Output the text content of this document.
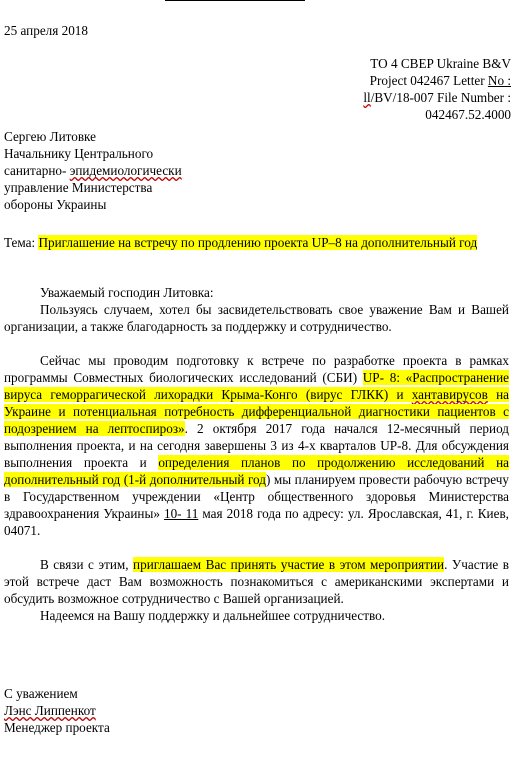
25 апреля 2018
ТО 4 CBEP Ukraine B&V
Project 042467 Letter No :
ll/BV/18-007 File Number :
042467.52.4000
Сергею Литовке
Начальнику Центрального
санитарно- эпидемиологически
управление Министерства
обороны Украины
Тема: Приглашение на встречу по продлению проекта UP–8 на дополнительный год

Уважаемый господин Литовка:

Пользуясь случаем, хотел бы засвидетельствовать свое уважение Вам и Вашей организации, а также благодарность за поддержку и сотрудничество.

Сейчас мы проводим подготовку к встрече по разработке проекта в рамках программы Совместных биологических исследований (СБИ) UP- 8: «Распространение вируса геморрагической лихорадки Крыма-Конго (вирус ГЛКК) и хантавирусов на Украине и потенциальная потребность дифференциальной диагностики пациентов с подозрением на лептоспироз». 2 октября 2017 года начался 12-месячный период выполнения проекта, и на сегодня завершены 3 из 4-х кварталов UP-8. Для обсуждения выполнения проекта и определения планов по продолжению исследований на дополнительный год (1-й дополнительный год) мы планируем провести рабочую встречу в Государственном учреждении «Центр общественного здоровья Министерства здравоохранения Украины» 10- 11 мая 2018 года по адресу: ул. Ярославская, 41, г. Киев, 04071.

В связи с этим, приглашаем Вас принять участие в этом мероприятии. Участие в этой встрече даст Вам возможность познакомиться с американскими экспертами и обсудить возможное сотрудничество с Вашей организацией.

Надеемся на Вашу поддержку и дальнейшее сотрудничество.

С уважением
Лэнс Липпенкот
Менеджер проекта
